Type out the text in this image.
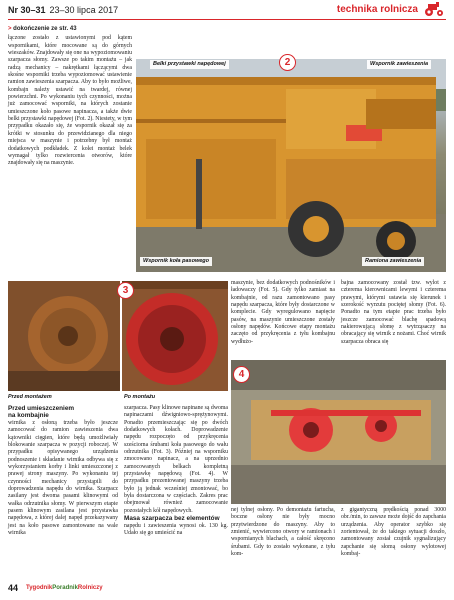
Nr 30–31 23–30 lipca 2017	technika rolnicza

> dokończenie ze str. 43

łączone zostało z ustawionymi pod kątem wspornikami, które mocowane są do górnych wieszaków. Znajdowały się one na wypoziomowaniu szarpacza słomy. Zawsze po takim montażu – jak radzą mechanicy – nakrętkami łączącymi dwa skośne wsporniki trzeba wypoziomować ustawienie ramion zawieszenia szarpacza. Aby to było możliwe, kombajn należy ustawić na twardej, równej powierzchni. Po wykonaniu tych czynności, można już zamocować wsporniki, na których zostanie umieszczone koło pasowe napinacza, a także dwie belki przystawki napędowej (Fot. 2). Niestety, w tym przypadku okazało się, że wspornik okazał się za krótki w stosunku do przewidzianego dla niego miejsca w maszynie i potrzebny był montaż dodatkowych podkładek. Z kolei montaż belek wymagał tylko rozwiercenia otworów, które znajdowały się na maszynie.

Belki przystawki napędowej	Wspornik zawieszenia
Wspornik koła pasowego	Ramiona zawieszenia
2

maszynie, bez dodatkowych podnośników i ładowaczy (Fot. 5). Gdy tylko zamiast na kombajnie, od razu zamontowano pasy napędu szarpacza, które były dostarczone w komplecie. Gdy wyregulowano napięcie pasów, na maszynie umieszczone zostały osłony napędów. Końcowe etapy montażu zaczęto od przykręcenia z tyłu kombajnu wydłużo-

bajna zamocowany został tzw. wylot z czterema kierownicami lewymi i czterema prawymi, którymi ustawia się kierunek i szerokość wyrzutu pociętej słomy (Fot. 6). Ponadto na tym etapie prac trzeba było jeszcze zamocować blachę spadową nakierowującą słomę z wytrząsaczy na obracający się wirnik z nożami. Choć wirnik szarpacza obraca się

3
Przed montażem	Po montażu
4

Przed umieszczeniem
na kombajnie

wirnika z osłoną trzeba było jeszcze zamocować do ramion zawieszenia dwa kątowniki cięgien, które będą umożliwiały blokowanie szarpacza w pozycji roboczej. W przypadku opisywanego urządzenia podnoszenie i składanie wirnika odbywa się z wykorzystaniem korby i linki umieszczonej z prawej strony maszyny. Po wykonaniu tej czynności mechanicy przystąpili do doprowadzenia napędu do wirnika. Szarpacz zasilany jest dwoma pasami klinowymi od wałka odrzutnika słomy. W pierwszym etapie pasem klinowym zasilana jest przystawka napędowa, z której dalej napęd przekazywany jest na koło pasowe zamontowane na wale wirnika

szarpacza. Pasy klinowe napinane są dwoma napinaczami dźwigniowo-sprężynowymi. Ponadto przemieszczając się po dwóch dodatkowych kołach. Doprowadzenie napędu rozpoczęto od przykręcenia sześciorna śrubami koła pasowego do wału odrzutnika (Fot. 3). Później na wsporniku zmocowano napinacz, a na uprzednio zamocowanych belkach kompletną przystawkę napędową (Fot. 4). W przypadku prezentowanej maszyny trzeba było ją jednak wcześniej zmontować, bo była dostarczona w częściach. Zakres prac obejmował również zamocowanie pozostałych kół napędowych.

Masa szarpacza bez elementów

napędu i zawieszenia wynosi ok. 130 kg. Udało się go umieścić na

nej tylnej osłony. Po demontażu fartucha, boczne osłony nie były mocno przytwierdzone do maszyny. Aby to zmienić, wywiercono otwory w ramionach i wspornianych blachach, a całość skręcono śrubami. Gdy to zostało wykonane, z tyłu kom-

z gigantyczną prędkością ponad 3000 obr./min, to zawsze może dojść do zapchania urządzenia. Aby operator szybko się zorientował, że do takiego sytuacji doszło, zamontowany został czujnik sygnalizujący zapchanie się słomą osłony wylotowej kombaj-

44 TygodnikPoradnikRolniczy
